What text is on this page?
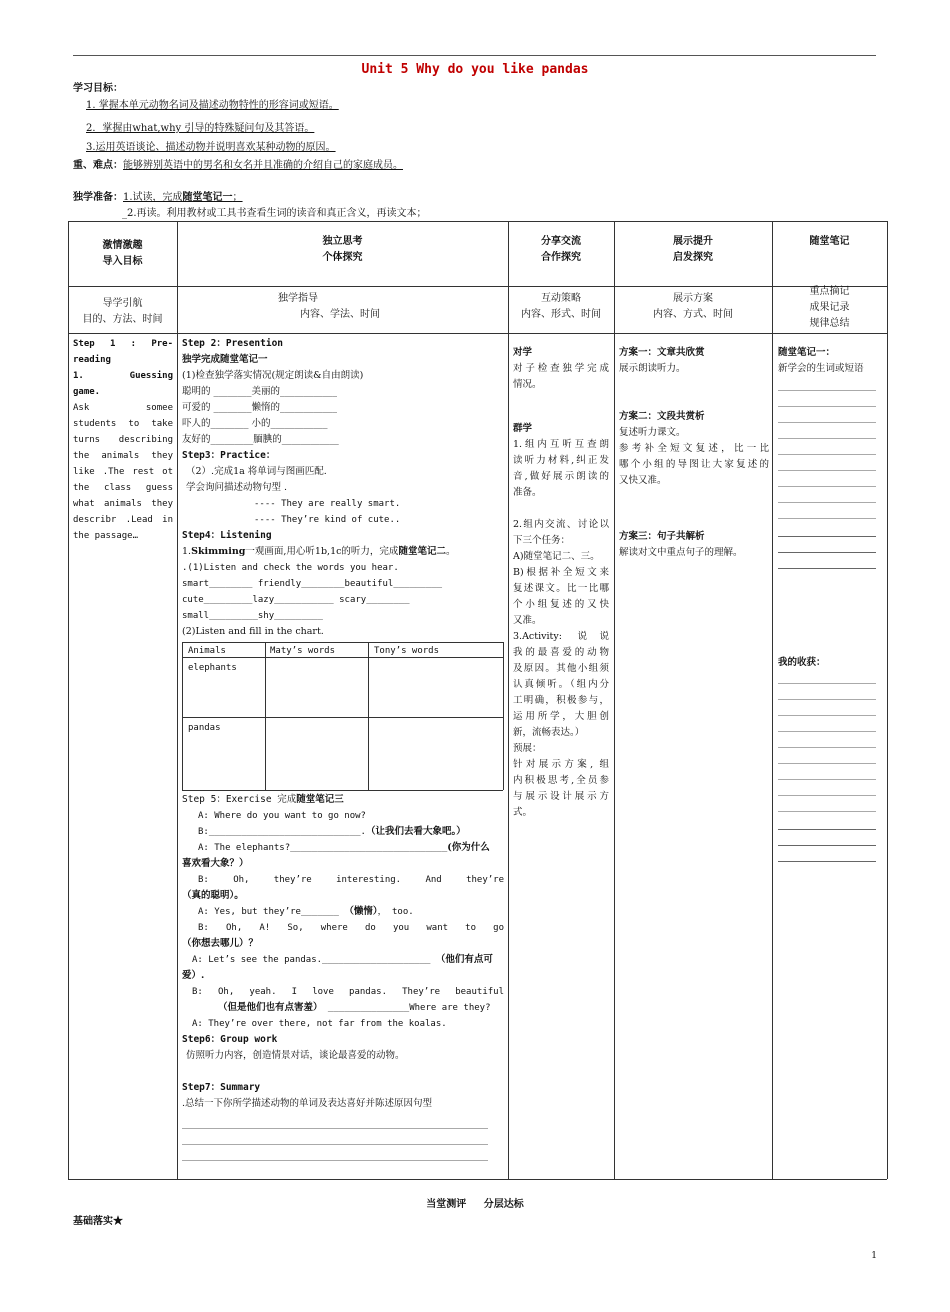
Unit 5 Why do you like pandas
学习目标：
1. 掌握本单元动物名词及描述动物特性的形容词或短语。
2．掌握由what,why 引导的特殊疑问句及其答语。
3.运用英语谈论、描述动物并说明喜欢某种动物的原因。
重、难点：能够辨别英语中的男名和女名并且准确的介绍自己的家庭成员。
独学准备：1.试读，完成随堂笔记一；
_2.再读。利用教材或工具书查看生词的读音和真正含义，再读文本；
激情激趣
导入目标
独立思考
个体探究
分享交流
合作探究
展示提升
启发探究
随堂笔记
导学引航
目的、方法、时间
独学指导
内容、学法、时间
互动策略
内容、形式、时间
展示方案
内容、方式、时间
重点摘记
成果记录
规律总结
Step 1 : Pre-
reading
1. Guessing
game.
Ask somee
students to take
turns describing
the animals they
like .The rest ot
the class guess
what animals they
describr .Lead in
the passage…
Step 2：Presention
独学完成随堂笔记一
(1)检查独学落实情况(规定朗读&自由朗读)
聪明的 ________美丽的____________
可爱的 ________懒惰的____________
吓人的________ 小的____________
友好的_________腼腆的____________
Step3：Practice：
（2）.完成1a 将单词与图画匹配.
学会询问描述动物句型 .
---- They are really smart.
---- They’re kind of cute..
Step4：Listening
1.Skimming一观画面,用心听1b,1c的听力，完成随堂笔记二。
.(1)Listen and check the words you hear.
smart________ friendly________beautiful_________
cute_________lazy___________ scary________
small_________shy_________
(2)Listen and fill in the chart.
Animals	Maty’s words	Tony’s words
elephants
pandas
Step 5：Exercise 完成随堂笔记三
A: Where do you want to go now?
B:____________________________.（让我们去看大象吧。）
A: The elephants?_____________________________(你为什么
喜欢看大象？）
B: Oh, they’re interesting. And they’re
（真的聪明）。
A: Yes, but they’re_______ （懒惰）， too.
B: Oh, A! So, where do you want to go
（你想去哪儿）？
A: Let’s see the pandas.____________________ （他们有点可
爱）.
B: Oh, yeah. I love pandas. They’re beautiful
（但是他们也有点害羞） _______________Where are they?
A: They’re over there, not far from the koalas.
Step6：Group work
仿照听力内容，创造情景对话，谈论最喜爱的动物。
Step7：Summary
.总结一下你所学描述动物的单词及表达喜好并陈述原因句型
对学
对子检查独学完成
情况。
群学
1.组内互听互查朗
读听力材料,纠正发
音,做好展示朗读的
准备。
2.组内交流、讨论以
下三个任务：
A)随堂笔记二、三。
B)根据补全短文来
复述课文。比一比哪
个小组复述的又快
又准。
3.Activity: 说说
我的最喜爱的动物
及原因。其他小组须
认真倾听。（组内分
工明确，积极参与，
运用所学，大胆创
新，流畅表达。）
预展：
针对展示方案, 组
内积极思考,全员参
与展示设计展示方
式。
方案一：文章共欣赏
展示朗读听力。
方案二：文段共赏析
复述听力课文。
参考补全短文复述，比一比
哪个小组的导图让大家复述的
又快又准。
方案三：句子共解析
解读对文中重点句子的理解。
随堂笔记一：
新学会的生词或短语
我的收获：
当堂测评     分层达标
基础落实★
1
